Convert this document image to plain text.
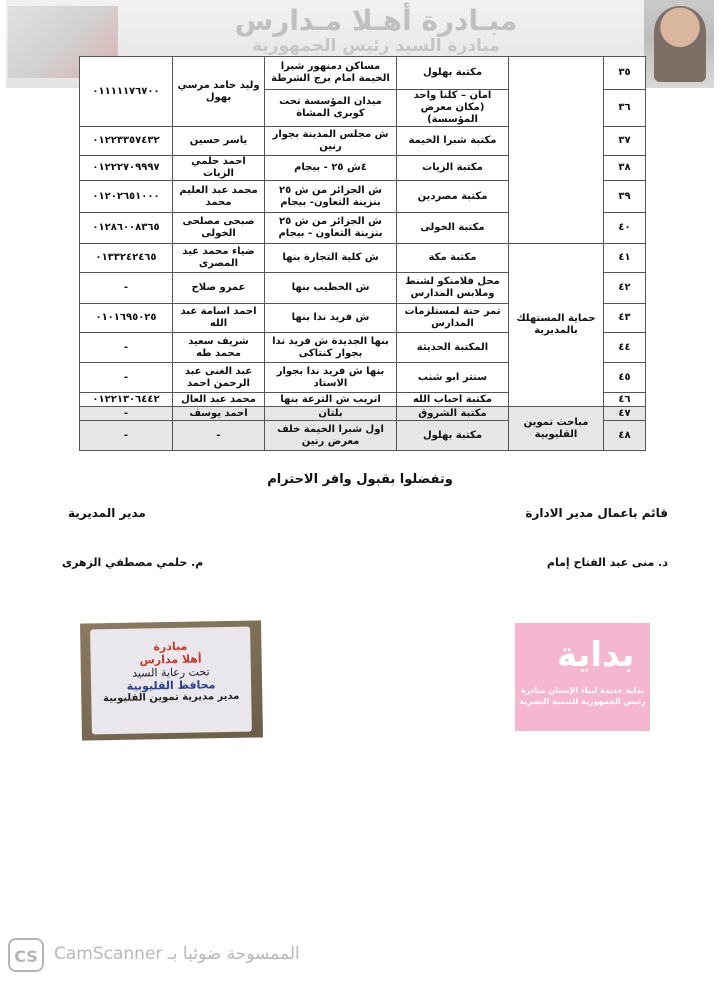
مبـادرة أهـلا مـدارس
مبادرة السيد رئيس الجمهورية
٣٥		مكتبة بهلول	مساكن دمنهور شبرا الخيمة امام برج الشرطة	وليد حامد مرسي بهول	٠١١١١١٧٦٧٠٠
٣٦		امان – كلنا واحد (مكان معرض المؤسسة)	ميدان المؤسسة تحت كوبرى المشاة		
٣٧		مكتبة شبرا الخيمة	ش مجلس المدينة بجوار رنين	ياسر حسين	٠١٢٢٣٣٥٧٤٣٢
٣٨		مكتبة الزيات	٤ش ٢٥ - بيجام	احمد حلمي الزيات	٠١٢٢٢٧٠٩٩٩٧
٣٩		مكتبة مصردين	ش الجزائر من ش ٢٥ بنزينة التعاون- بيجام	محمد عبد العليم محمد	٠١٢٠٢٦٥١٠٠٠
٤٠		مكتبة الخولى	ش الجزائر من ش ٢٥ بنزينة التعاون - بيجام	صبحى مصلحى الخولى	٠١٢٨٦٠٠٨٣٦٥
٤١	حماية المستهلك بالمديرية	مكتبة مكة	ش كلية التجارة بنها	ضياء محمد عيد المصرى	٠١٣٣٢٤٢٤٦٥
٤٢		محل فلامنكو لشنط وملابس المدارس	ش الخطيب بنها	عمرو صلاح	-
٤٣		تمر حنة لمستلزمات المدارس	ش فريد ندا بنها	احمد اسامة عبد الله	٠١٠١٦٩٥٠٢٥
٤٤		المكتبة الحديثة	بنها الجديدة ش فريد ندا بجوار كنتاكى	شريف سعيد محمد طه	-
٤٥		سنتر ابو شنب	بنها ش فريد ندا بجوار الاستاد	عبد الغنى عبد الرحمن احمد	-
٤٦		مكتبة احباب الله	اتريب ش الترعة بنها	محمد عبد العال	٠١٢٢١٣٠٦٤٤٢
٤٧	مباحث تموين القليوبية	مكتبة الشروق	بلتان	احمد يوسف	-
٤٨		مكتبة بهلول	اول شبرا الخيمة خلف معرض رنين	-	-
وتفضلوا بقبول وافر الاحترام
قائم باعمال مدير الادارة
مدير المديرية
د. منى عبد الفتاح إمام
م. حلمي مصطفي الزهرى
مبادرة
أهلا مدارس
تحت رعاية السيد
محافظ القليوبية
مدير مديرية تموين القليوبية
بداية
بداية جديدة لبناء الإنسان مبادرة رئيس الجمهورية للتنمية البشرية
CS الممسوحة ضوئيا بـ CamScanner
